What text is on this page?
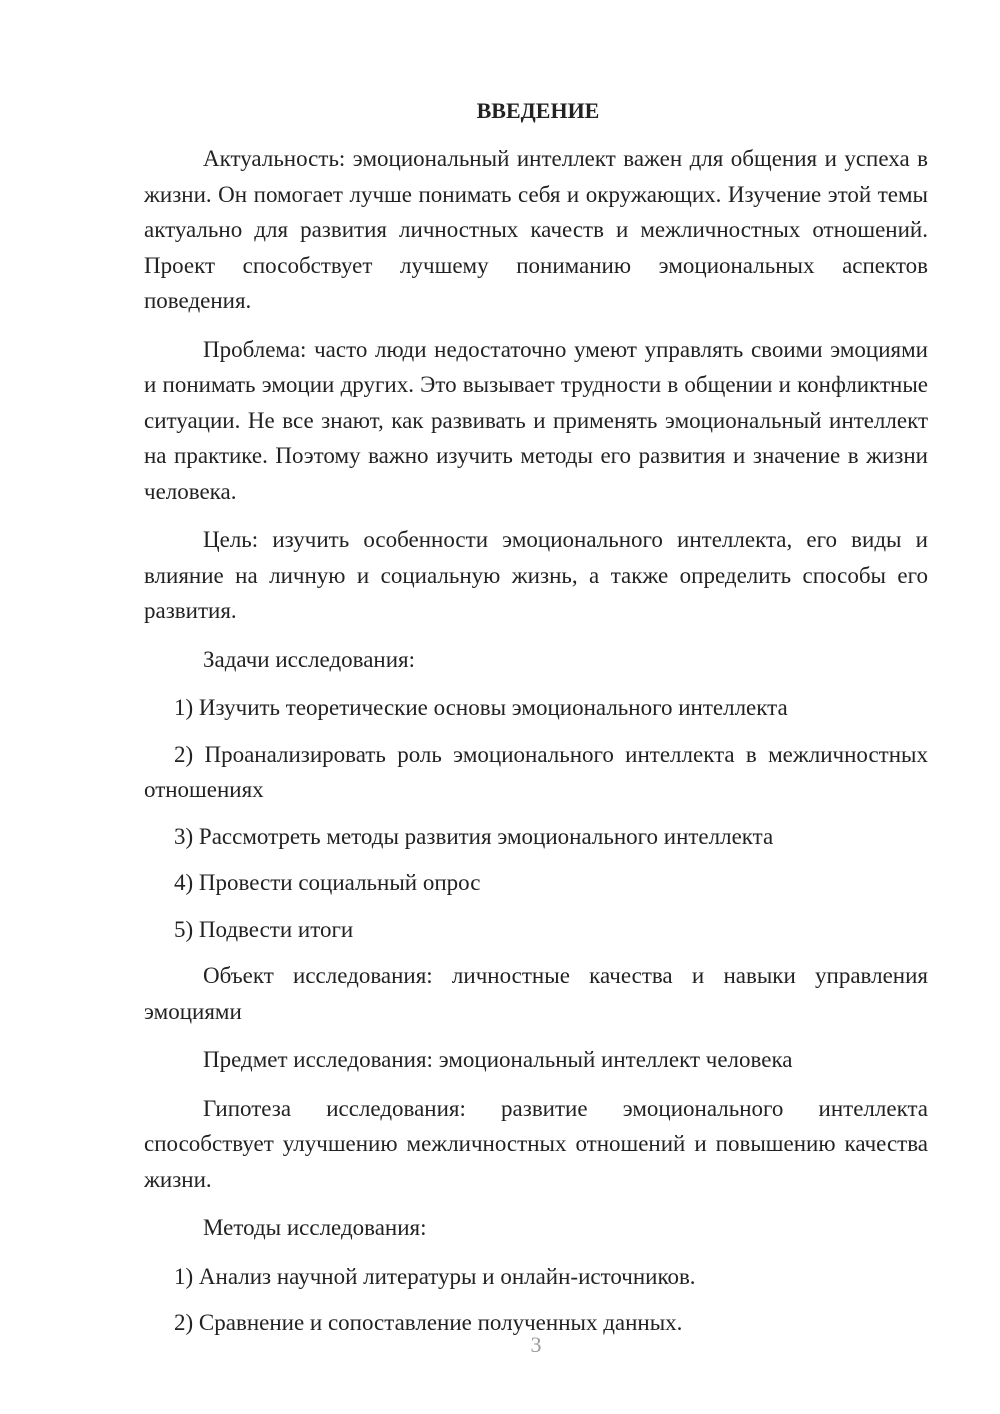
ВВЕДЕНИЕ

Актуальность: эмоциональный интеллект важен для общения и успеха в жизни. Он помогает лучше понимать себя и окружающих. Изучение этой темы актуально для развития личностных качеств и межличностных отношений. Проект способствует лучшему пониманию эмоциональных аспектов поведения.

Проблема: часто люди недостаточно умеют управлять своими эмоциями и понимать эмоции других. Это вызывает трудности в общении и конфликтные ситуации. Не все знают, как развивать и применять эмоциональный интеллект на практике. Поэтому важно изучить методы его развития и значение в жизни человека.

Цель: изучить особенности эмоционального интеллекта, его виды и влияние на личную и социальную жизнь, а также определить способы его развития.

Задачи исследования:

1) Изучить теоретические основы эмоционального интеллекта

2) Проанализировать роль эмоционального интеллекта в межличностных отношениях

3) Рассмотреть методы развития эмоционального интеллекта

4) Провести социальный опрос

5) Подвести итоги

Объект исследования: личностные качества и навыки управления эмоциями

Предмет исследования: эмоциональный интеллект человека

Гипотеза исследования: развитие эмоционального интеллекта способствует улучшению межличностных отношений и повышению качества жизни.

Методы исследования:

1) Анализ научной литературы и онлайн-источников.

2) Сравнение и сопоставление полученных данных.

3
